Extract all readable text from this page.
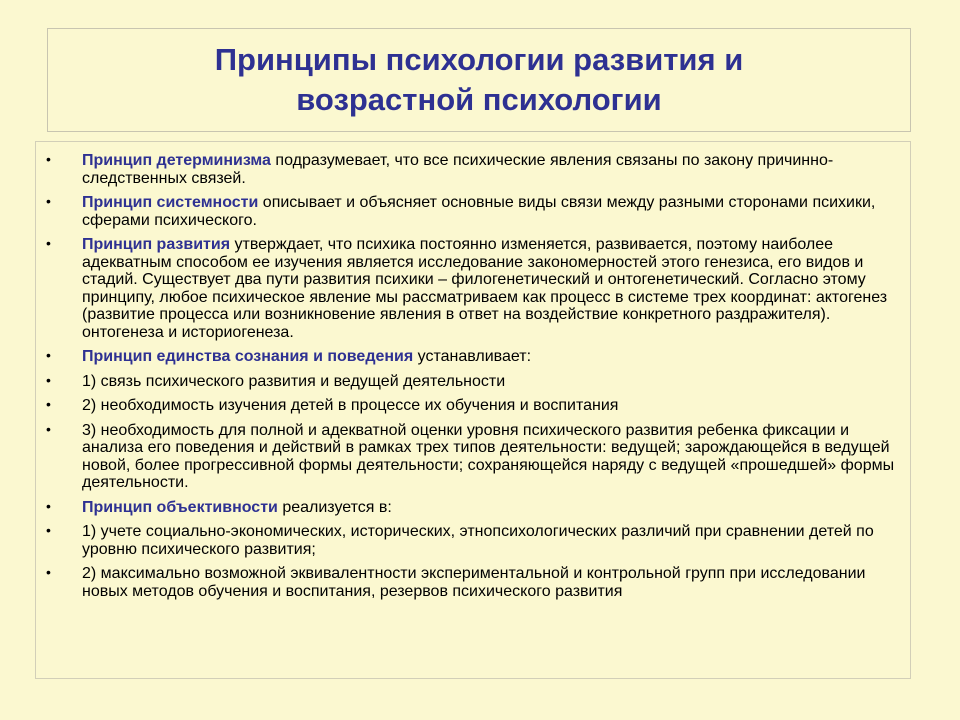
Принципы психологии развития и
возрастной психологии
• Принцип детерминизма подразумевает, что все психические явления связаны по закону причинно-следственных связей.
• Принцип системности описывает и объясняет основные виды связи между разными сторонами психики, сферами психического.
• Принцип развития утверждает, что психика постоянно изменяется, развивается, поэтому наиболее адекватным способом ее изучения является исследование закономерностей этого генезиса, его видов и стадий. Существует два пути развития психики – филогенетический и онтогенетический. Согласно этому принципу, любое психическое явление мы рассматриваем как процесс в системе трех координат: актогенез (развитие процесса или возникновение явления в ответ на воздействие конкретного раздражителя). онтогенеза и историогенеза.
• Принцип единства сознания и поведения устанавливает:
• 1) связь психического развития и ведущей деятельности
• 2) необходимость изучения детей в процессе их обучения и воспитания
• 3) необходимость для полной и адекватной оценки уровня психического развития ребенка фиксации и анализа его поведения и действий в рамках трех типов деятельности: ведущей; зарождающейся в ведущей новой, более прогрессивной формы деятельности; сохраняющейся наряду с ведущей «прошедшей» формы деятельности.
• Принцип объективности реализуется в:
• 1) учете социально-экономических, исторических, этнопсихологических различий при сравнении детей по уровню психического развития;
• 2) максимально возможной эквивалентности экспериментальной и контрольной групп при исследовании новых методов обучения и воспитания, резервов психического развития
